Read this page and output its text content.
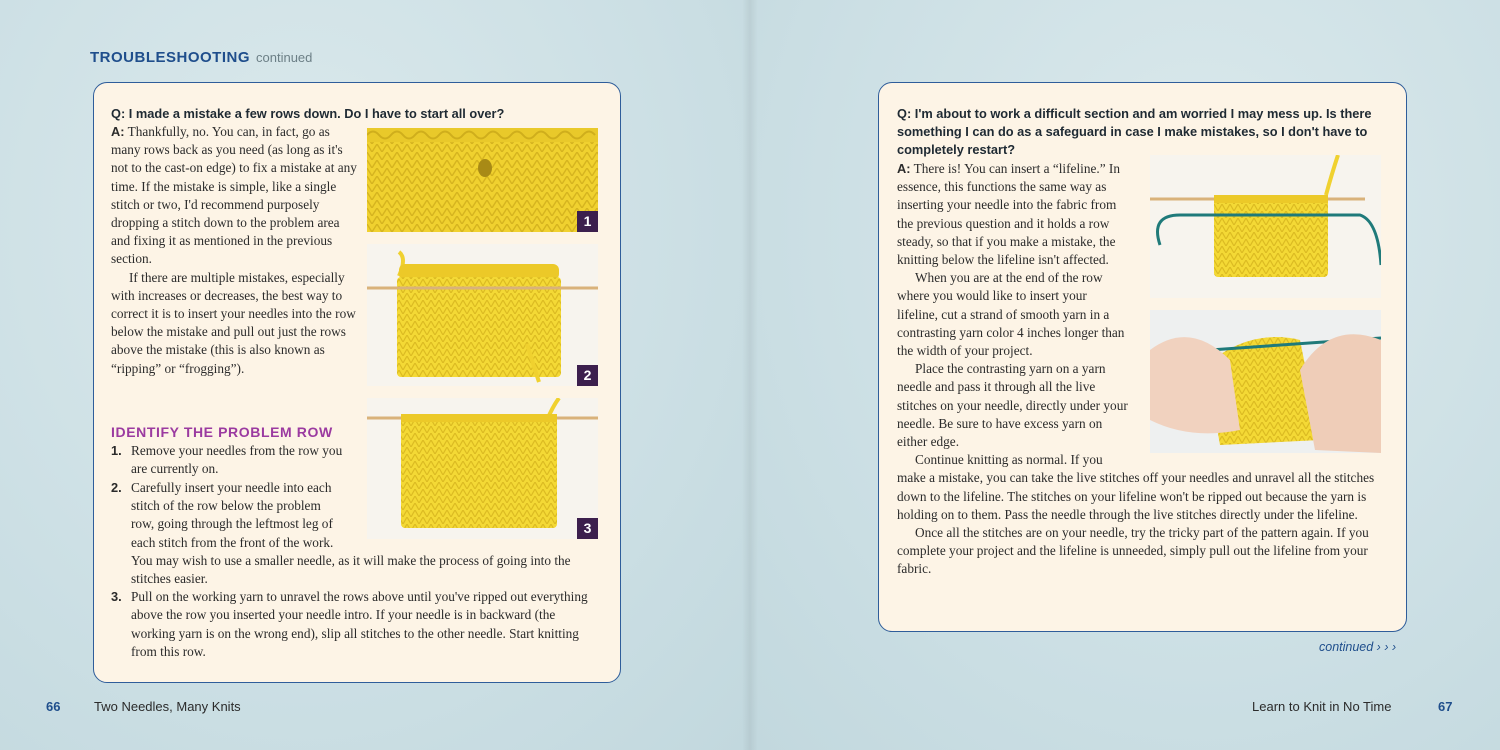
TROUBLESHOOTING continued
Q: I made a mistake a few rows down. Do I have to start all over?

A: Thankfully, no. You can, in fact, go as many rows back as you need (as long as it's not to the cast-on edge) to fix a mistake at any time. If the mistake is simple, like a single stitch or two, I'd recommend purposely dropping a stitch down to the problem area and fixing it as mentioned in the previous section.

If there are multiple mistakes, especially with increases or decreases, the best way to correct it is to insert your needles into the row below the mistake and pull out just the rows above the mistake (this is also known as “ripping” or “frogging”).

IDENTIFY THE PROBLEM ROW
1. Remove your needles from the row you are currently on.
2. Carefully insert your needle into each stitch of the row below the problem row, going through the leftmost leg of each stitch from the front of the work. You may wish to use a smaller needle, as it will make the process of going into the stitches easier.
3. Pull on the working yarn to unravel the rows above until you've ripped out everything above the row you inserted your needle intro. If your needle is in backward (the working yarn is on the wrong end), slip all stitches to the other needle. Start knitting from this row.
1
2
3
66	Two Needles, Many Knits
Q: I'm about to work a difficult section and am worried I may mess up. Is there something I can do as a safeguard in case I make mistakes, so I don't have to completely restart?

A: There is! You can insert a “lifeline.” In essence, this functions the same way as inserting your needle into the fabric from the previous question and it holds a row steady, so that if you make a mistake, the knitting below the lifeline isn't affected.

When you are at the end of the row where you would like to insert your lifeline, cut a strand of smooth yarn in a contrasting yarn color 4 inches longer than the width of your project.

Place the contrasting yarn on a yarn needle and pass it through all the live stitches on your needle, directly under your needle. Be sure to have excess yarn on either edge.

Continue knitting as normal. If you make a mistake, you can take the live stitches off your needles and unravel all the stitches down to the lifeline. The stitches on your lifeline won't be ripped out because the yarn is holding on to them. Pass the needle through the live stitches directly under the lifeline.

Once all the stitches are on your needle, try the tricky part of the pattern again. If you complete your project and the lifeline is unneeded, simply pull out the lifeline from your fabric.

continued › › ›
Learn to Knit in No Time	67
